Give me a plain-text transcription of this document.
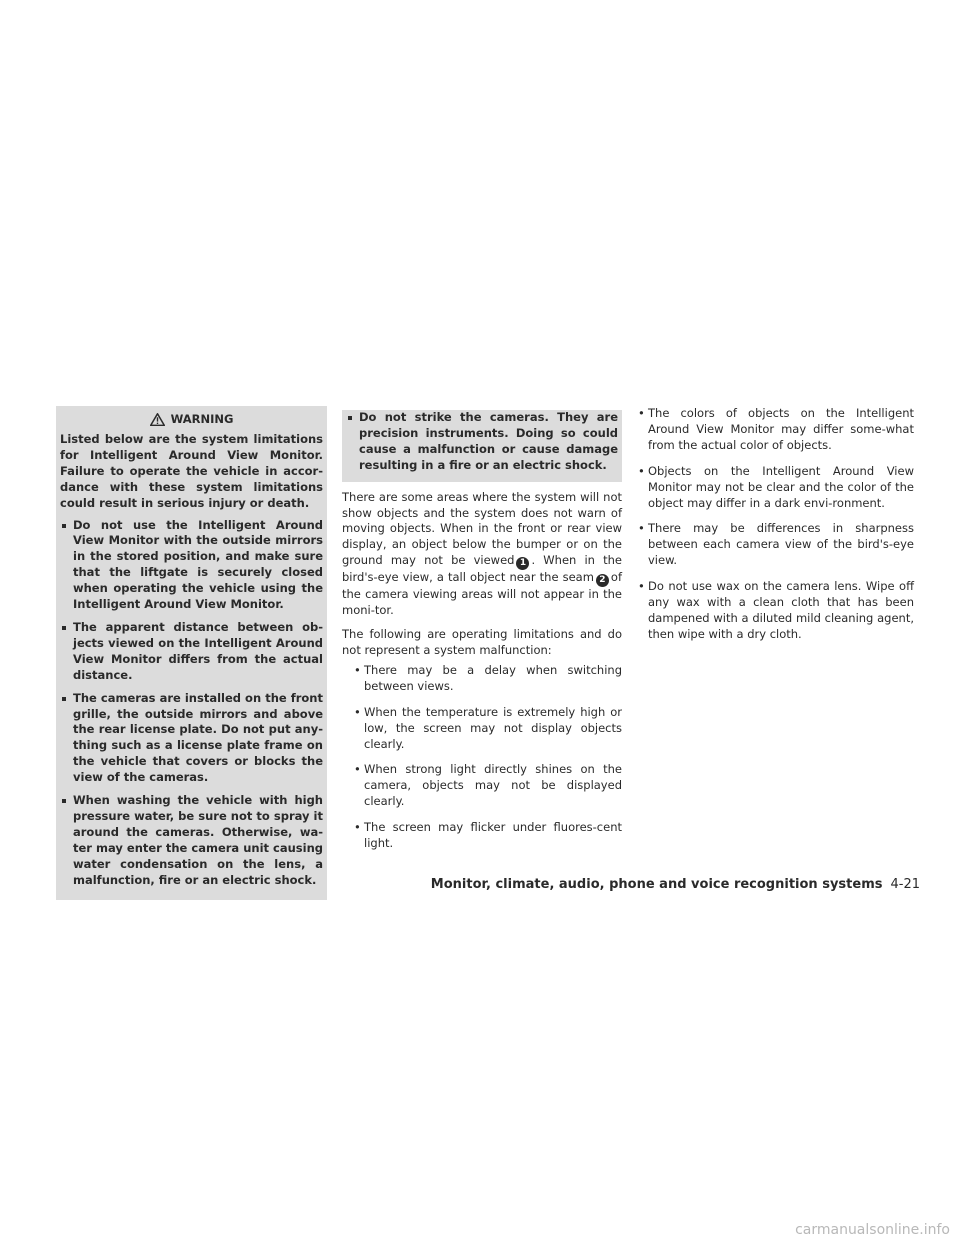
WARNING

Listed below are the system limitations for Intelligent Around View Monitor. Failure to operate the vehicle in accor-dance with these system limitations could result in serious injury or death.

Do not use the Intelligent Around View Monitor with the outside mirrors in the stored position, and make sure that the liftgate is securely closed when operating the vehicle using the Intelligent Around View Monitor.
The apparent distance between ob-jects viewed on the Intelligent Around View Monitor differs from the actual distance.
The cameras are installed on the front grille, the outside mirrors and above the rear license plate. Do not put any-thing such as a license plate frame on the vehicle that covers or blocks the view of the cameras.
When washing the vehicle with high pressure water, be sure not to spray it around the cameras. Otherwise, wa-ter may enter the camera unit causing water condensation on the lens, a malfunction, fire or an electric shock.
Do not strike the cameras. They are precision instruments. Doing so could cause a malfunction or cause damage resulting in a fire or an electric shock.

There are some areas where the system will not show objects and the system does not warn of moving objects. When in the front or rear view display, an object below the bumper or on the ground may not be viewed 1 . When in the bird's-eye view, a tall object near the seam 2 of the camera viewing areas will not appear in the moni-tor.

The following are operating limitations and do not represent a system malfunction:

• There may be a delay when switching between views.
• When the temperature is extremely high or low, the screen may not display objects clearly.
• When strong light directly shines on the camera, objects may not be displayed clearly.
• The screen may flicker under fluores-cent light.
• The colors of objects on the Intelligent Around View Monitor may differ some-what from the actual color of objects.
• Objects on the Intelligent Around View Monitor may not be clear and the color of the object may differ in a dark envi-ronment.
• There may be differences in sharpness between each camera view of the bird's-eye view.
• Do not use wax on the camera lens. Wipe off any wax with a clean cloth that has been dampened with a diluted mild cleaning agent, then wipe with a dry cloth.
Monitor, climate, audio, phone and voice recognition systems 4-21
carmanualsonline.info
